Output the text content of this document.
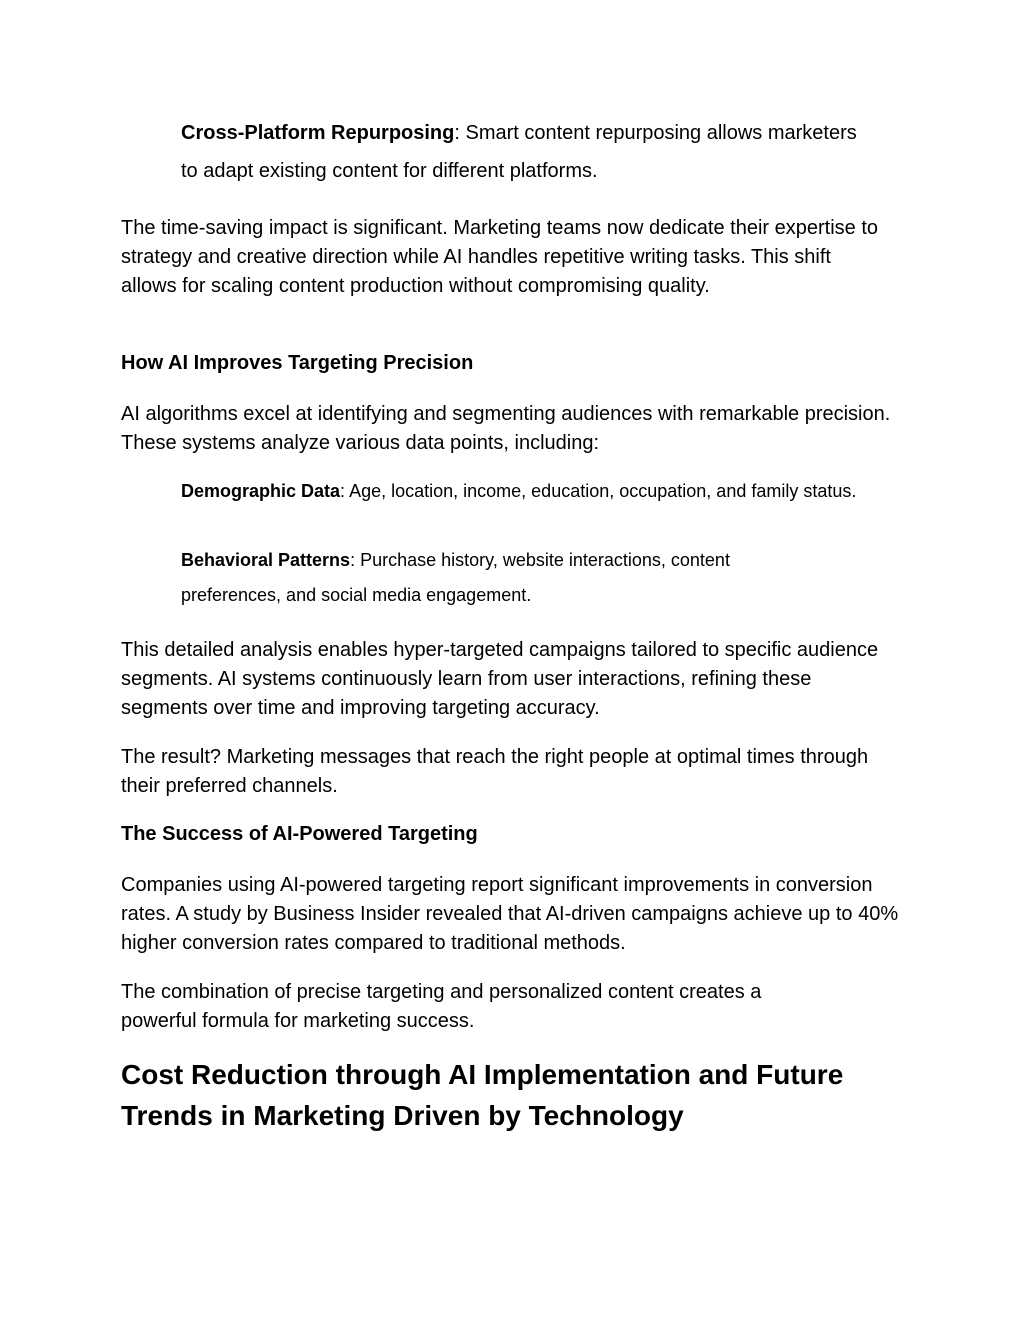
Cross-Platform Repurposing: Smart content repurposing allows marketers to adapt existing content for different platforms.

The time-saving impact is significant. Marketing teams now dedicate their expertise to strategy and creative direction while AI handles repetitive writing tasks. This shift allows for scaling content production without compromising quality.

How AI Improves Targeting Precision

AI algorithms excel at identifying and segmenting audiences with remarkable precision. These systems analyze various data points, including:

Demographic Data: Age, location, income, education, occupation, and family status.
Behavioral Patterns: Purchase history, website interactions, content preferences, and social media engagement.

This detailed analysis enables hyper-targeted campaigns tailored to specific audience segments. AI systems continuously learn from user interactions, refining these segments over time and improving targeting accuracy.

The result? Marketing messages that reach the right people at optimal times through their preferred channels.

The Success of AI-Powered Targeting

Companies using AI-powered targeting report significant improvements in conversion rates. A study by Business Insider revealed that AI-driven campaigns achieve up to 40% higher conversion rates compared to traditional methods.

The combination of precise targeting and personalized content creates a powerful formula for marketing success.

Cost Reduction through AI Implementation and Future Trends in Marketing Driven by Technology
